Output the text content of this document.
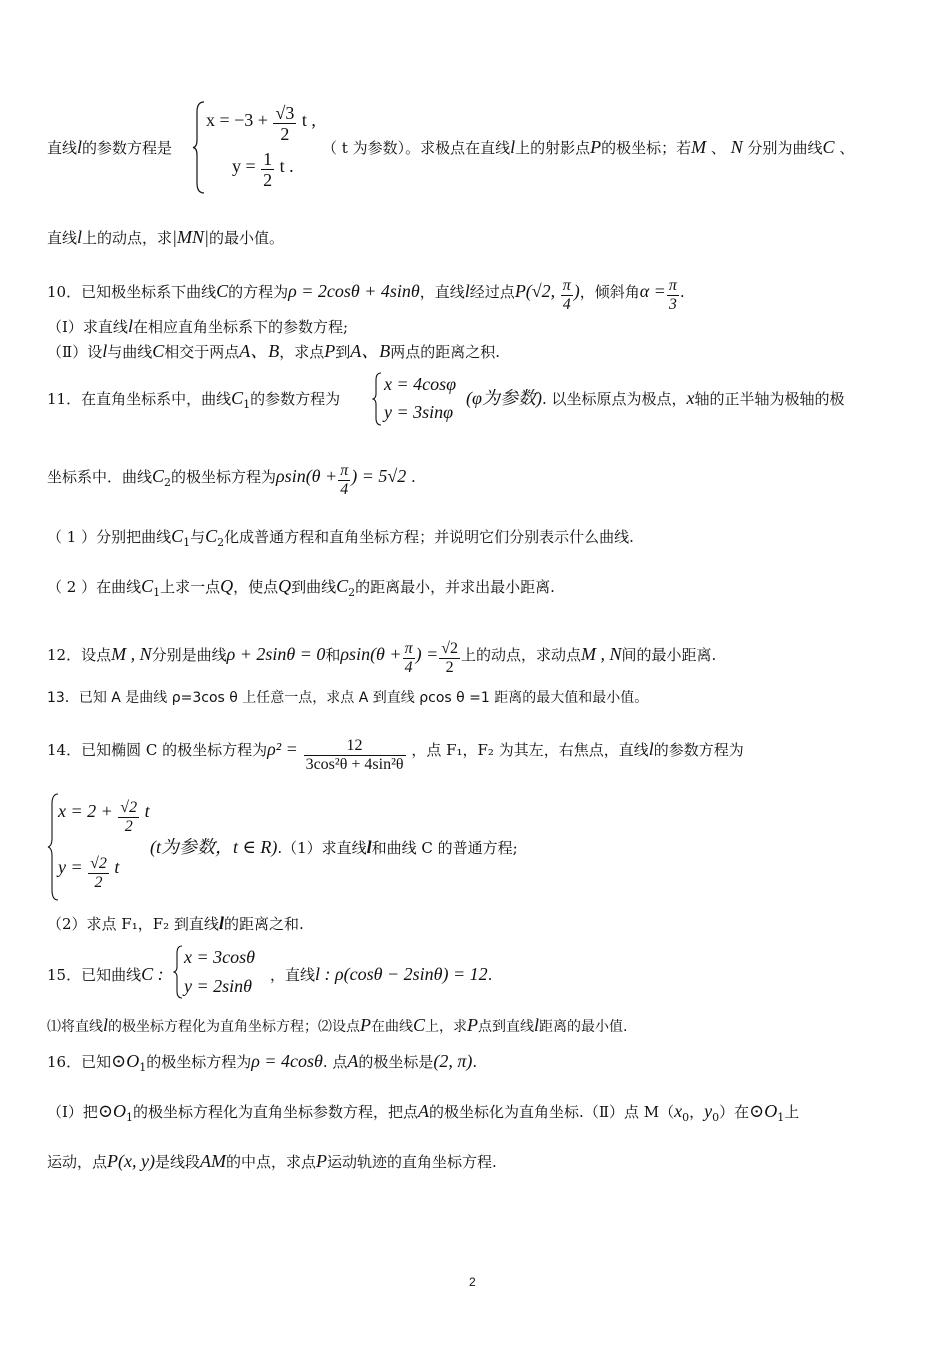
直线l的参数方程是
$x = -3 + \frac{√3}{2}$ t ,
$y = \frac{1}{2}$ t .
（ t 为参数）。求极点在直线l上的射影点P的极坐标；若M 、 N 分别为曲线C 、
直线l上的动点，求|MN|的最小值。
10．已知极坐标系下曲线C的方程为ρ = 2cosθ + 4sinθ，直线l经过点P(√2, $\frac{\pi}{4}$ )，倾斜角$\alpha = \frac{\pi}{3}$ .
（Ⅰ）求直线l在相应直角坐标系下的参数方程;
（Ⅱ）设l与曲线C相交于两点A、B，求点P到A、B两点的距离之积.
11．在直角坐标系中，曲线$C_1$的参数方程为
x = 4cosφ
y = 3sinφ
(φ为参数). 以坐标原点为极点，x轴的正半轴为极轴的极
坐标系中．曲线$C_2$的极坐标方程为$\rho\sin(\theta + \frac{\pi}{4}$ ) = 5√2 .
（ 1 ）分别把曲线$C_1$与$C_2$化成普通方程和直角坐标方程；并说明它们分别表示什么曲线.
（ 2 ）在曲线$C_1$上求一点Q，使点Q到曲线$C_2$的距离最小，并求出最小距离.
12．设点M , N分别是曲线ρ + 2sinθ = 0和$\rho\sin(\theta + \frac{\pi}{4}$ ) = $\frac{√2}{2}$ 上的动点，求动点M , N间的最小距离.
13．已知 A 是曲线 ρ=3cos θ 上任意一点，求点 A 到直线 ρcos θ =1 距离的最大值和最小值。
14．已知椭圆 C 的极坐标方程为$\rho^2 = \frac{12}{\text{3cos²θ + 4sin²θ}}$ ，点 F₁，F₂ 为其左，右焦点，直线l的参数方程为
$x = 2 + \frac{√2}{2}$ t
$y = \frac{√2}{2}$ t
(t为参数，t ∈ R).（1）求直线l和曲线 C 的普通方程;
（2）求点 F₁，F₂ 到直线l的距离之和.
15．已知曲线C :
x = 3cosθ
y = 2sinθ
，直线l : ρ(cosθ − 2sinθ) = 12.
⑴将直线l的极坐标方程化为直角坐标方程；⑵设点P在曲线C上，求P点到直线l距离的最小值.
16．已知$⊙O_1$的极坐标方程为ρ = 4cosθ. 点A的极坐标是(2, π).
（Ⅰ）把$⊙O_1$的极坐标方程化为直角坐标参数方程，把点A的极坐标化为直角坐标.（Ⅱ）点 $M(x_0$，$y_0$）在$⊙O_1$上
运动，点P(x, y)是线段AM的中点，求点P运动轨迹的直角坐标方程.
2
